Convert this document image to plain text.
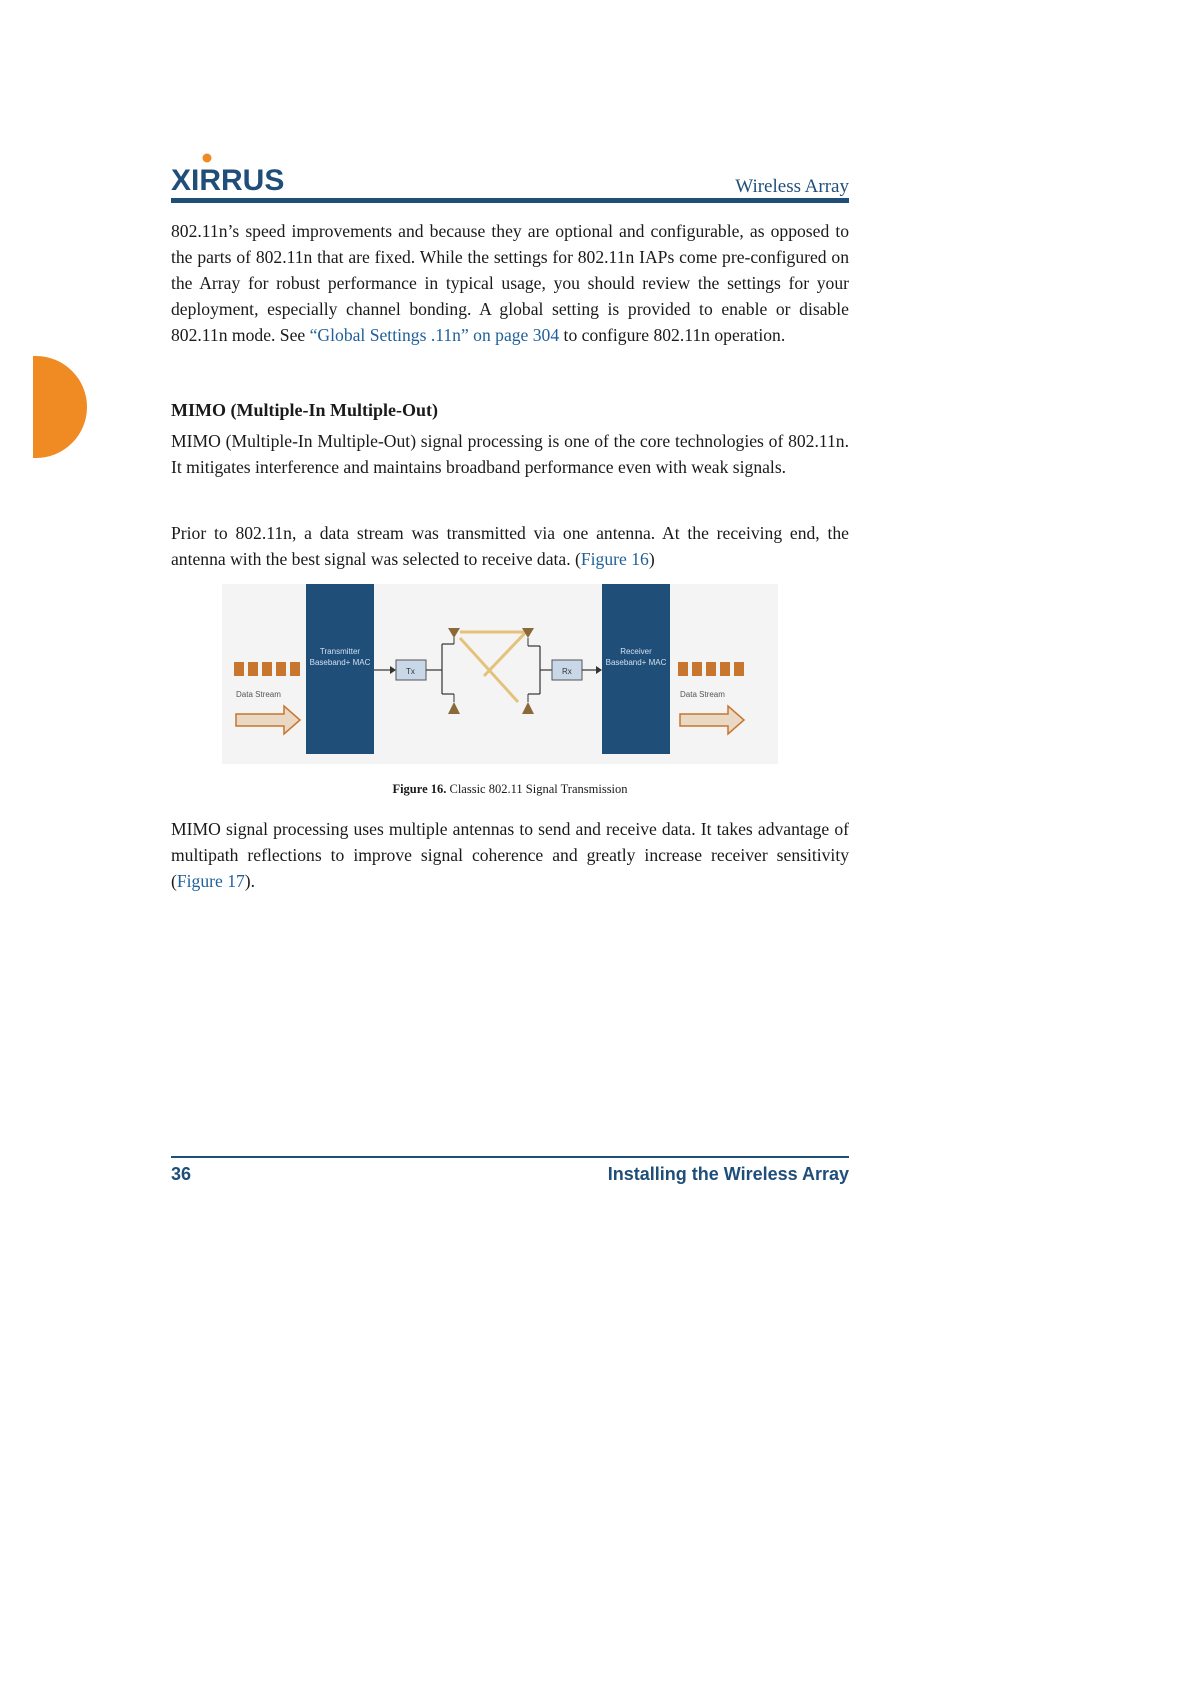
XIRRUS	Wireless Array

802.11n’s speed improvements and because they are optional and configurable, as opposed to the parts of 802.11n that are fixed. While the settings for 802.11n IAPs come pre-configured on the Array for robust performance in typical usage, you should review the settings for your deployment, especially channel bonding. A global setting is provided to enable or disable 802.11n mode. See “Global Settings .11n” on page 304 to configure 802.11n operation.

MIMO (Multiple-In Multiple-Out)
MIMO (Multiple-In Multiple-Out) signal processing is one of the core technologies of 802.11n. It mitigates interference and maintains broadband performance even with weak signals.

Prior to 802.11n, a data stream was transmitted via one antenna. At the receiving end, the antenna with the best signal was selected to receive data. (Figure 16)

Data Stream
Transmitter Baseband+ MAC
Tx	Rx
Receiver Baseband+ MAC
Data Stream
Figure 16. Classic 802.11 Signal Transmission

MIMO signal processing uses multiple antennas to send and receive data. It takes advantage of multipath reflections to improve signal coherence and greatly increase receiver sensitivity (Figure 17).

36	Installing the Wireless Array
